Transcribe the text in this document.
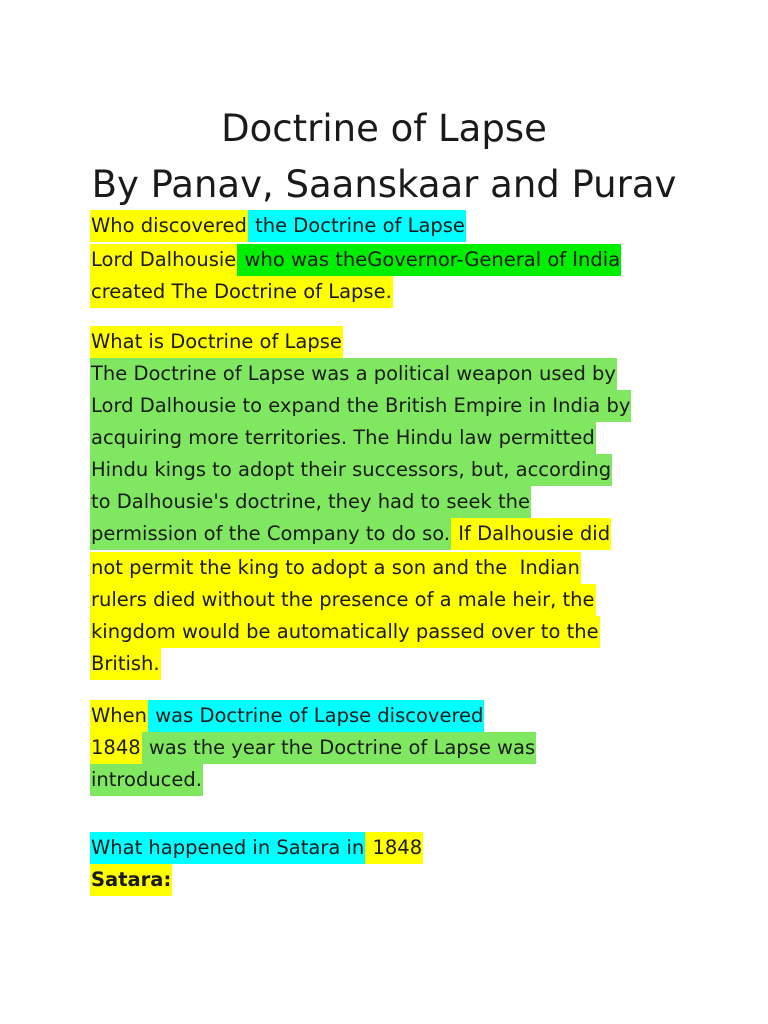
Doctrine of Lapse
By Panav, Saanskaar and Purav

Who discovered the Doctrine of Lapse

Lord Dalhousie who was theGovernor-General of India

created The Doctrine of Lapse.

What is Doctrine of Lapse

The Doctrine of Lapse was a political weapon used by

Lord Dalhousie to expand the British Empire in India by

acquiring more territories. The Hindu law permitted

Hindu kings to adopt their successors, but, according

to Dalhousie's doctrine, they had to seek the

permission of the Company to do so. If Dalhousie did

not permit the king to adopt a son and the  Indian

rulers died without the presence of a male heir, the

kingdom would be automatically passed over to the

British.

When was Doctrine of Lapse discovered

1848 was the year the Doctrine of Lapse was

introduced.

What happened in Satara in 1848

Satara:
